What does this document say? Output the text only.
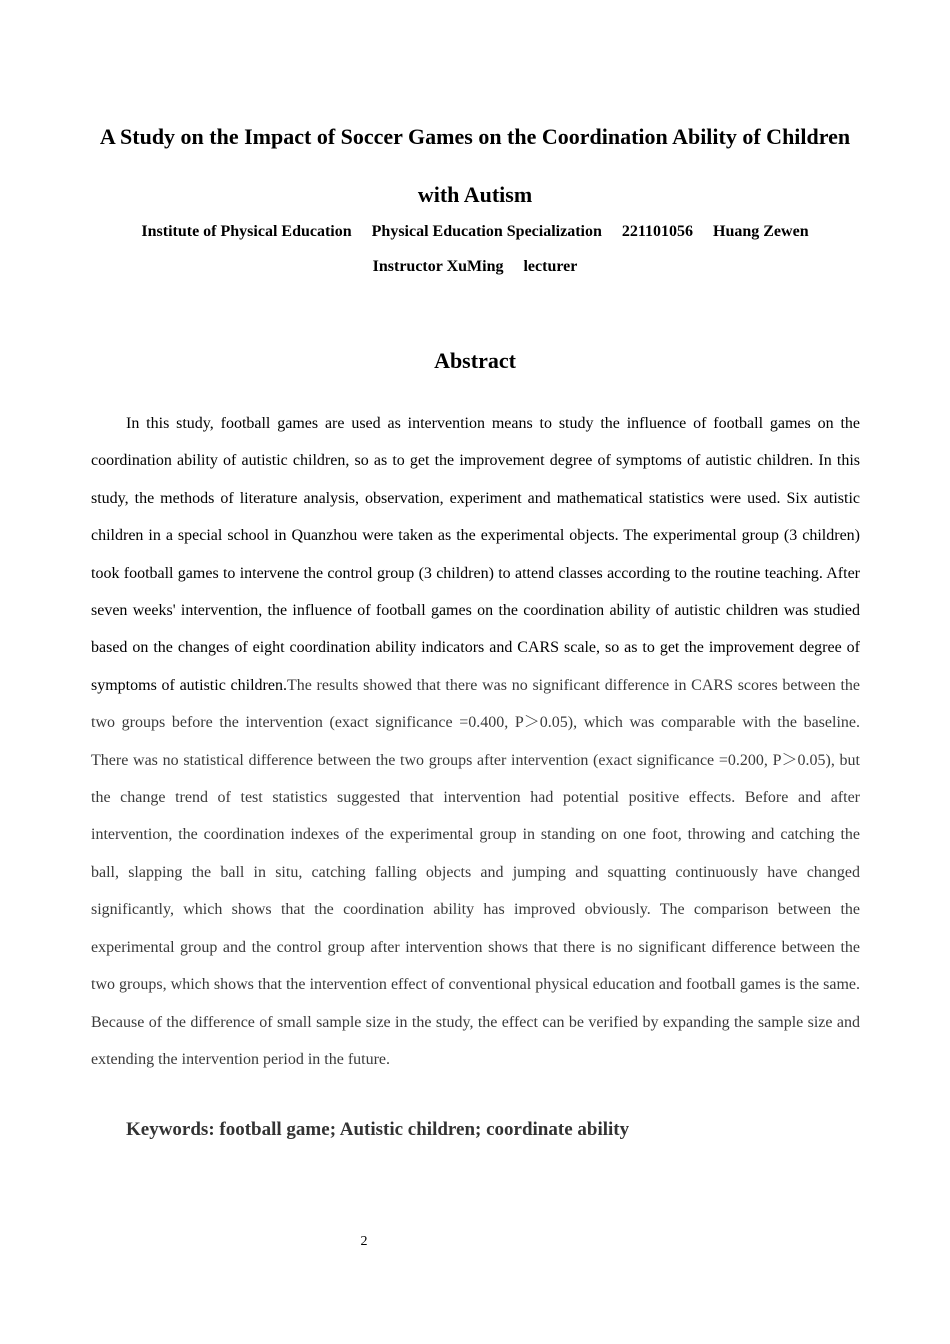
A Study on the Impact of Soccer Games on the Coordination Ability of Children with Autism
Institute of Physical Education Physical Education Specialization 221101056 Huang Zewen
Instructor XuMing lecturer
Abstract

In this study, football games are used as intervention means to study the influence of football games on the coordination ability of autistic children, so as to get the improvement degree of symptoms of autistic children. In this study, the methods of literature analysis, observation, experiment and mathematical statistics were used. Six autistic children in a special school in Quanzhou were taken as the experimental objects. The experimental group (3 children) took football games to intervene the control group (3 children) to attend classes according to the routine teaching. After seven weeks' intervention, the influence of football games on the coordination ability of autistic children was studied based on the changes of eight coordination ability indicators and CARS scale, so as to get the improvement degree of symptoms of autistic children.The results showed that there was no significant difference in CARS scores between the two groups before the intervention (exact significance =0.400, P＞0.05), which was comparable with the baseline. There was no statistical difference between the two groups after intervention (exact significance =0.200, P＞0.05), but the change trend of test statistics suggested that intervention had potential positive effects. Before and after intervention, the coordination indexes of the experimental group in standing on one foot, throwing and catching the ball, slapping the ball in situ, catching falling objects and jumping and squatting continuously have changed significantly, which shows that the coordination ability has improved obviously. The comparison between the experimental group and the control group after intervention shows that there is no significant difference between the two groups, which shows that the intervention effect of conventional physical education and football games is the same. Because of the difference of small sample size in the study, the effect can be verified by expanding the sample size and extending the intervention period in the future.

Keywords: football game; Autistic children; coordinate ability
2
